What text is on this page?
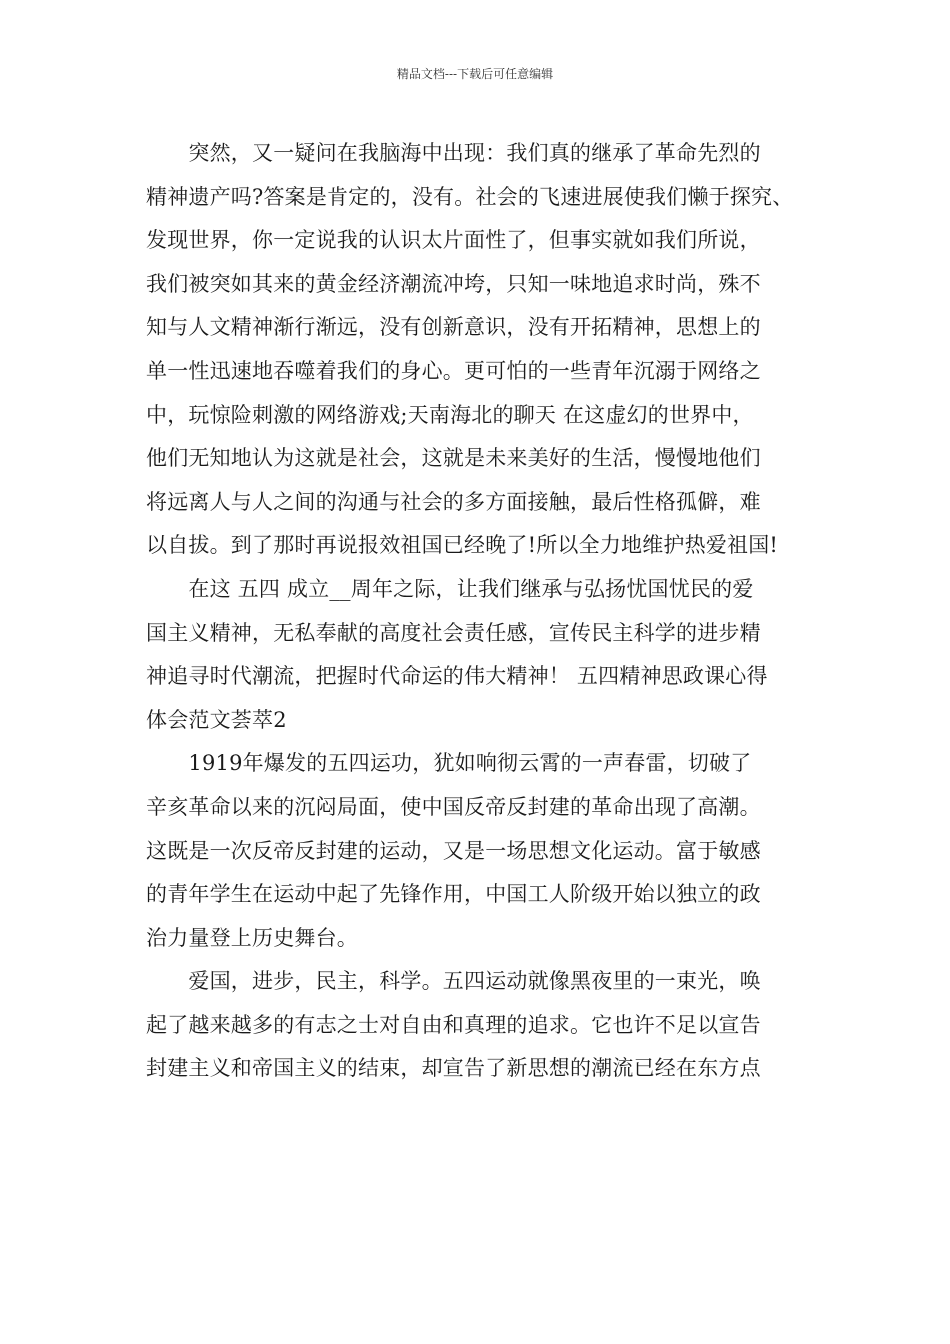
精品文档---下载后可任意编辑

　　突然，又一疑问在我脑海中出现：我们真的继承了革命先烈的
精神遗产吗?答案是肯定的，没有。社会的飞速进展使我们懒于探究、
发现世界，你一定说我的认识太片面性了，但事实就如我们所说，
我们被突如其来的黄金经济潮流冲垮，只知一味地追求时尚，殊不
知与人文精神渐行渐远，没有创新意识，没有开拓精神，思想上的
单一性迅速地吞噬着我们的身心。更可怕的一些青年沉溺于网络之
中，玩惊险刺激的网络游戏;天南海北的聊天 在这虚幻的世界中，
他们无知地认为这就是社会，这就是未来美好的生活，慢慢地他们
将远离人与人之间的沟通与社会的多方面接触，最后性格孤僻，难
以自拔。到了那时再说报效祖国已经晚了!所以全力地维护热爱祖国!

　　在这 五四 成立__周年之际，让我们继承与弘扬忧国忧民的爱
国主义精神，无私奉献的高度社会责任感，宣传民主科学的进步精
神追寻时代潮流，把握时代命运的伟大精神！ 五四精神思政课心得
体会范文荟萃2

　　1919年爆发的五四运功，犹如响彻云霄的一声春雷，切破了
辛亥革命以来的沉闷局面，使中国反帝反封建的革命出现了高潮。
这既是一次反帝反封建的运动，又是一场思想文化运动。富于敏感
的青年学生在运动中起了先锋作用，中国工人阶级开始以独立的政
治力量登上历史舞台。

　　爱国，进步，民主，科学。五四运动就像黑夜里的一束光，唤
起了越来越多的有志之士对自由和真理的追求。它也许不足以宣告
封建主义和帝国主义的结束，却宣告了新思想的潮流已经在东方点
